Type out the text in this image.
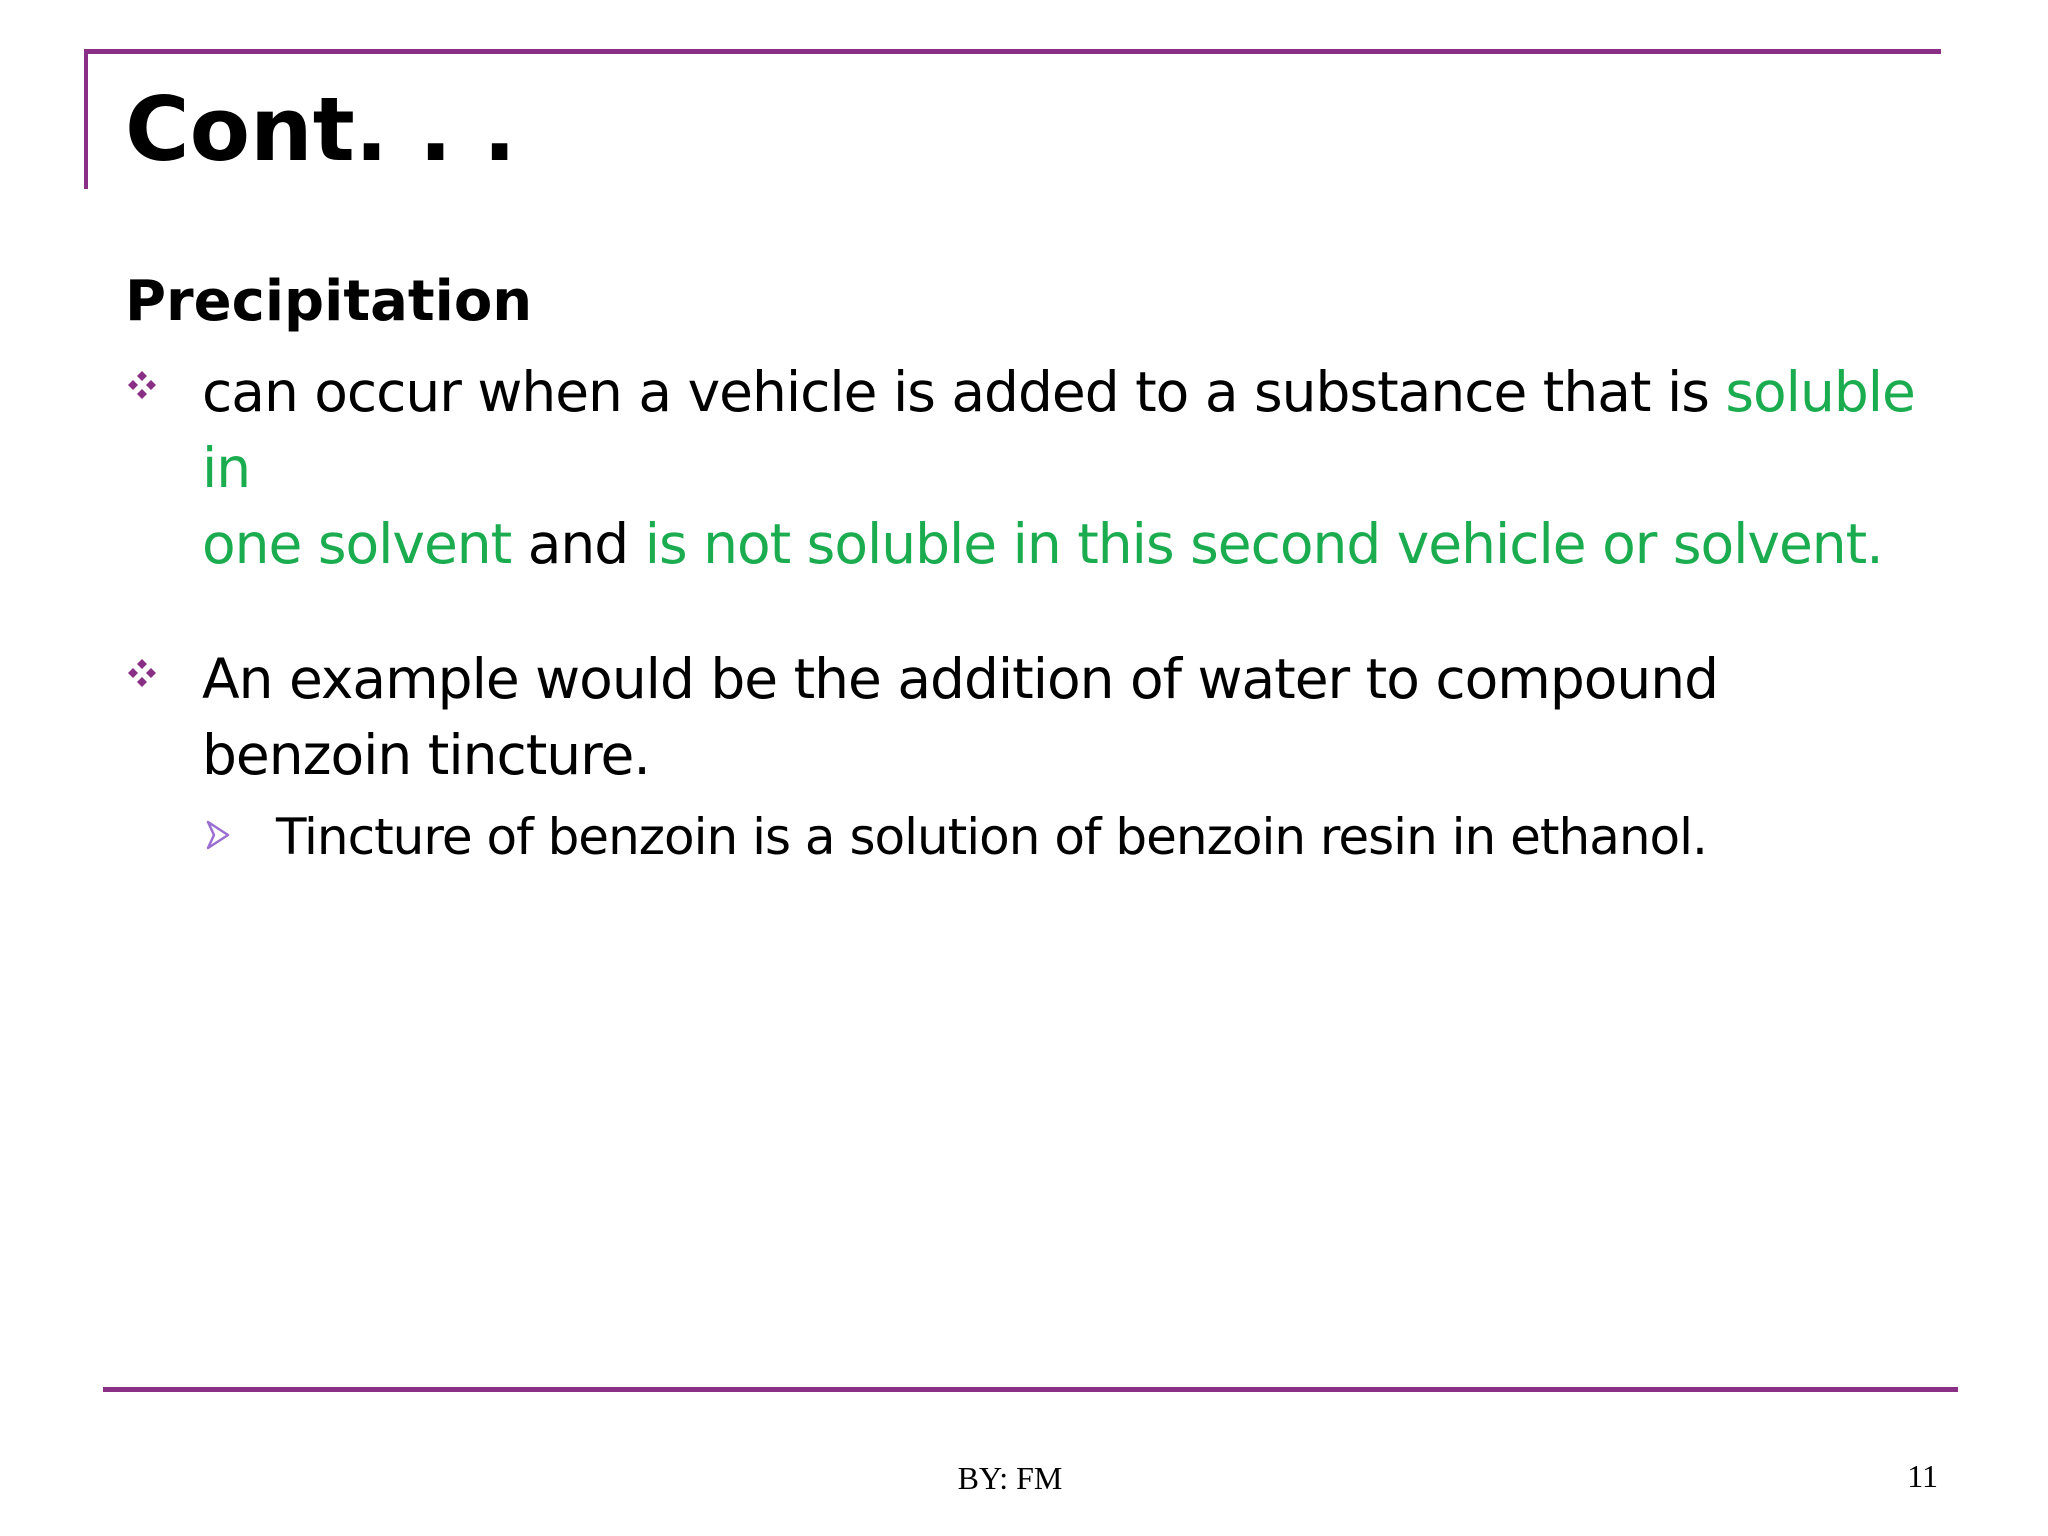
Cont. . .
Precipitation
can occur when a vehicle is added to a substance that is soluble
in
one solvent and is not soluble in this second vehicle or solvent.
An example would be the addition of water to compound
benzoin tincture.
Tincture of benzoin is a solution of benzoin resin in ethanol.
BY: FM	11
